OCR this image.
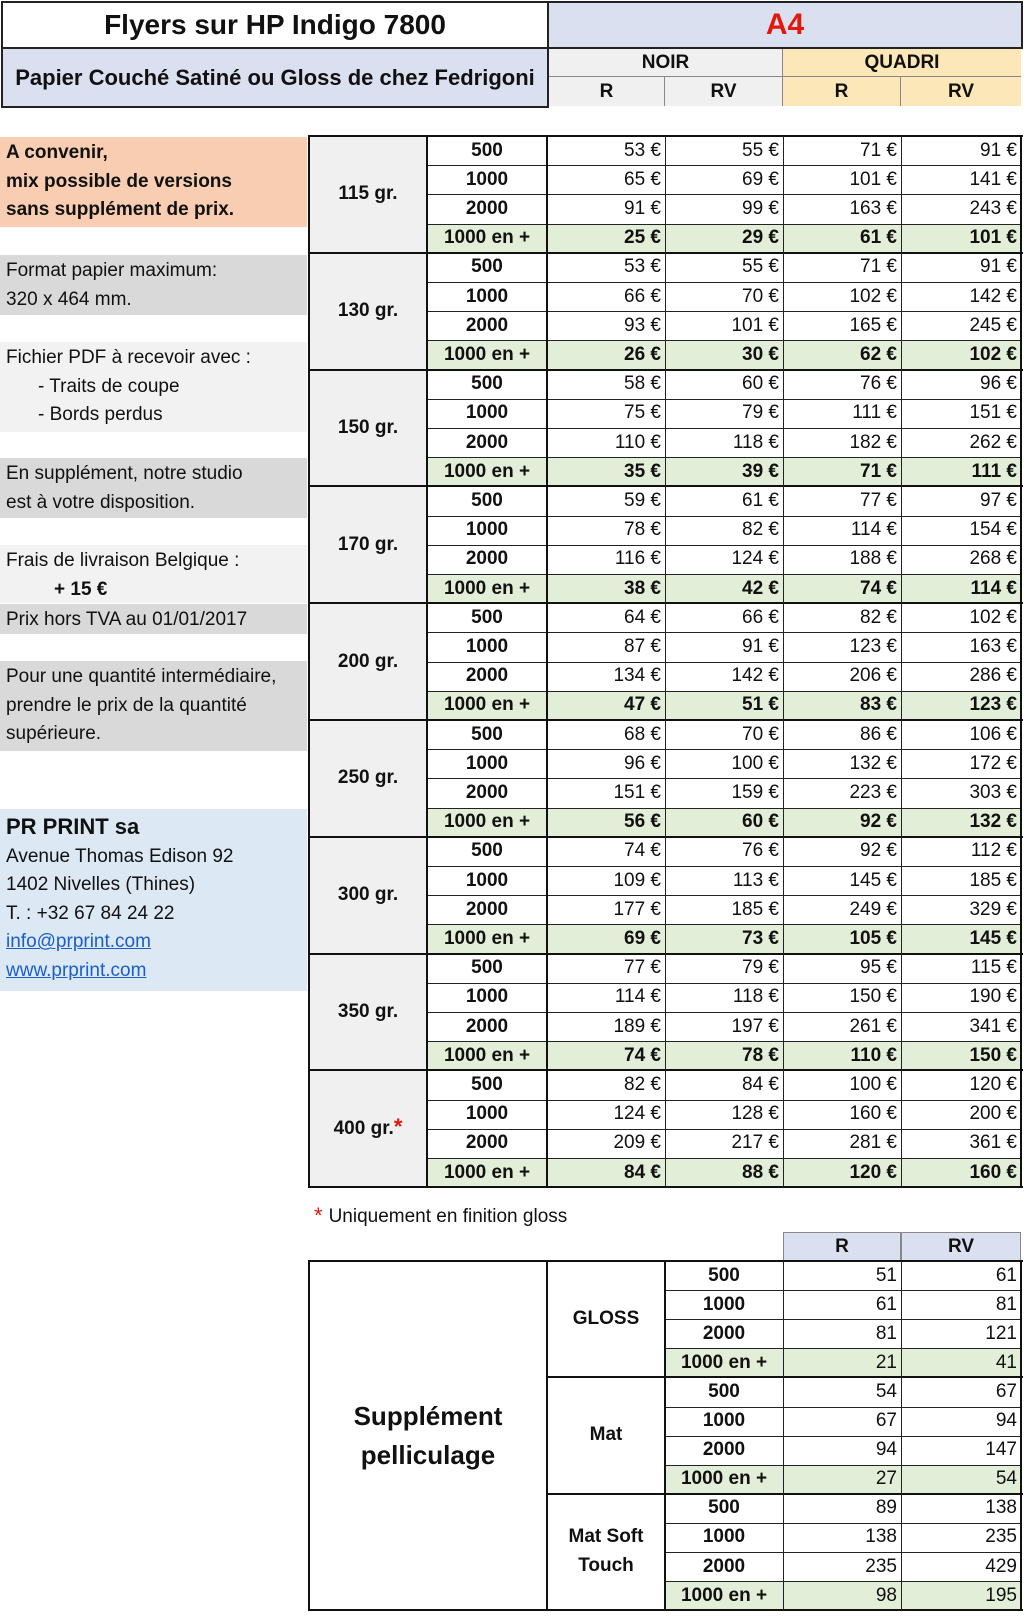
Flyers sur HP Indigo 7800
Papier Couché Satiné ou Gloss de chez Fedrigoni
A4
NOIR	QUADRI
R	RV	R	RV
A convenir,
mix possible de versions
sans supplément de prix.
Format papier maximum:
320 x 464 mm.
Fichier PDF à recevoir avec :
- Traits de coupe
- Bords perdus
En supplément, notre studio
est à votre disposition.
Frais de livraison Belgique :
+ 15 €
Prix hors TVA au 01/01/2017
Pour une quantité intermédiaire,
prendre le prix de la quantité
supérieure.
PR PRINT sa
Avenue Thomas Edison 92
1402 Nivelles (Thines)
T. : +32 67 84 24 22
info@prprint.com
www.prprint.com
115 gr.
500	53 €	55 €	71 €	91 €
1000	65 €	69 €	101 €	141 €
2000	91 €	99 €	163 €	243 €
1000 en +	25 €	29 €	61 €	101 €
130 gr.
500	53 €	55 €	71 €	91 €
1000	66 €	70 €	102 €	142 €
2000	93 €	101 €	165 €	245 €
1000 en +	26 €	30 €	62 €	102 €
150 gr.
500	58 €	60 €	76 €	96 €
1000	75 €	79 €	111 €	151 €
2000	110 €	118 €	182 €	262 €
1000 en +	35 €	39 €	71 €	111 €
170 gr.
500	59 €	61 €	77 €	97 €
1000	78 €	82 €	114 €	154 €
2000	116 €	124 €	188 €	268 €
1000 en +	38 €	42 €	74 €	114 €
200 gr.
500	64 €	66 €	82 €	102 €
1000	87 €	91 €	123 €	163 €
2000	134 €	142 €	206 €	286 €
1000 en +	47 €	51 €	83 €	123 €
250 gr.
500	68 €	70 €	86 €	106 €
1000	96 €	100 €	132 €	172 €
2000	151 €	159 €	223 €	303 €
1000 en +	56 €	60 €	92 €	132 €
300 gr.
500	74 €	76 €	92 €	112 €
1000	109 €	113 €	145 €	185 €
2000	177 €	185 €	249 €	329 €
1000 en +	69 €	73 €	105 €	145 €
350 gr.
500	77 €	79 €	95 €	115 €
1000	114 €	118 €	150 €	190 €
2000	189 €	197 €	261 €	341 €
1000 en +	74 €	78 €	110 €	150 €
400 gr. *
500	82 €	84 €	100 €	120 €
1000	124 €	128 €	160 €	200 €
2000	209 €	217 €	281 €	361 €
1000 en +	84 €	88 €	120 €	160 €
* Uniquement en finition gloss
R	RV
Supplément
pelliculage
GLOSS
500	51	61
1000	61	81
2000	81	121
1000 en +	21	41
Mat
500	54	67
1000	67	94
2000	94	147
1000 en +	27	54
Mat Soft
Touch
500	89	138
1000	138	235
2000	235	429
1000 en +	98	195
